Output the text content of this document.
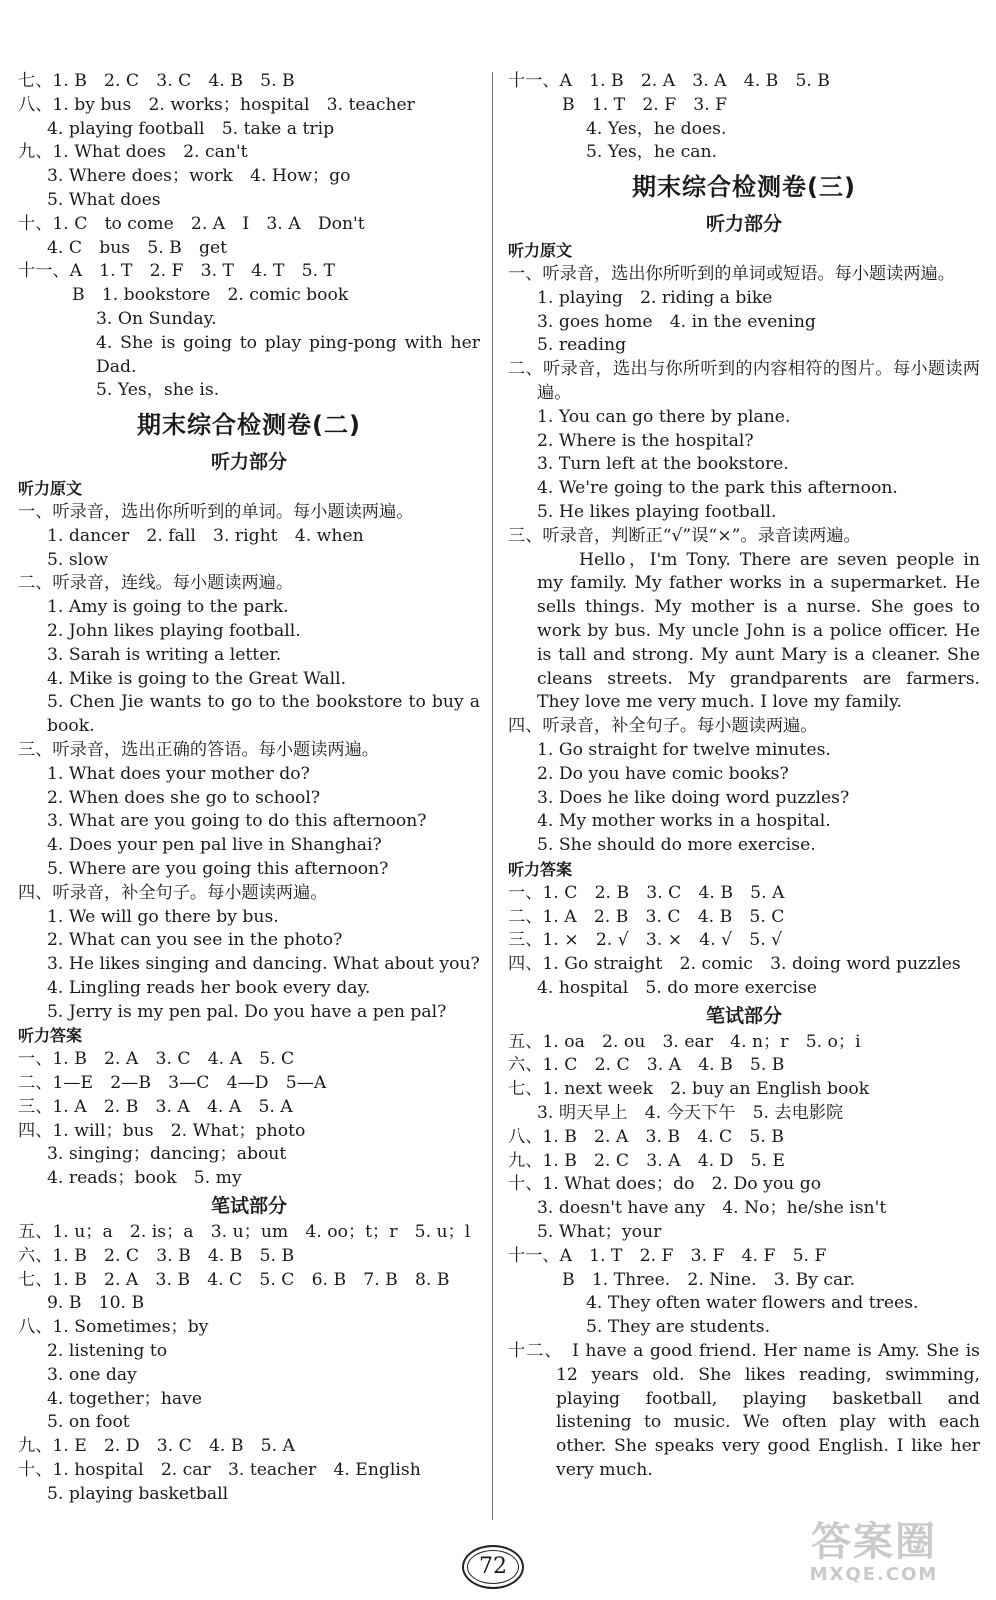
七、1. B　2. C　3. C　4. B　5. B
八、1. by bus　2. works；hospital　3. teacher
4. playing football　5. take a trip
九、1. What does　2. can't
3. Where does；work　4. How；go
5. What does
十、1. C　to come　2. A　I　3. A　Don't
4. C　bus　5. B　get
十一、A　1. T　2. F　3. T　4. T　5. T
B　1. bookstore　2. comic book
3. On Sunday.
4. She is going to play ping-pong with her Dad.
5. Yes，she is.
期末综合检测卷(二)
听力部分
听力原文
一、听录音，选出你所听到的单词。每小题读两遍。
1. dancer　2. fall　3. right　4. when
5. slow
二、听录音，连线。每小题读两遍。
1. Amy is going to the park.
2. John likes playing football.
3. Sarah is writing a letter.
4. Mike is going to the Great Wall.
5. Chen Jie wants to go to the bookstore to buy a book.
三、听录音，选出正确的答语。每小题读两遍。
1. What does your mother do?
2. When does she go to school?
3. What are you going to do this afternoon?
4. Does your pen pal live in Shanghai?
5. Where are you going this afternoon?
四、听录音，补全句子。每小题读两遍。
1. We will go there by bus.
2. What can you see in the photo?
3. He likes singing and dancing. What about you?
4. Lingling reads her book every day.
5. Jerry is my pen pal. Do you have a pen pal?
听力答案
一、1. B　2. A　3. C　4. A　5. C
二、1—E　2—B　3—C　4—D　5—A
三、1. A　2. B　3. A　4. A　5. A
四、1. will；bus　2. What；photo
3. singing；dancing；about
4. reads；book　5. my
笔试部分
五、1. u；a　2. is；a　3. u；um　4. oo；t；r　5. u；l
六、1. B　2. C　3. B　4. B　5. B
七、1. B　2. A　3. B　4. C　5. C　6. B　7. B　8. B
9. B　10. B
八、1. Sometimes；by
2. listening to
3. one day
4. together；have
5. on foot
九、1. E　2. D　3. C　4. B　5. A
十、1. hospital　2. car　3. teacher　4. English
5. playing basketball
十一、A　1. B　2. A　3. A　4. B　5. B
B　1. T　2. F　3. F
4. Yes，he does.
5. Yes，he can.
期末综合检测卷(三)
听力部分
听力原文
一、听录音，选出你所听到的单词或短语。每小题读两遍。
1. playing　2. riding a bike
3. goes home　4. in the evening
5. reading
二、听录音，选出与你所听到的内容相符的图片。每小题读两遍。
1. You can go there by plane.
2. Where is the hospital?
3. Turn left at the bookstore.
4. We're going to the park this afternoon.
5. He likes playing football.
三、听录音，判断正“√”误“×”。录音读两遍。
Hello，I'm Tony. There are seven people in my family. My father works in a supermarket. He sells things. My mother is a nurse. She goes to work by bus. My uncle John is a police officer. He is tall and strong. My aunt Mary is a cleaner. She cleans streets. My grandparents are farmers. They love me very much. I love my family.
四、听录音，补全句子。每小题读两遍。
1. Go straight for twelve minutes.
2. Do you have comic books?
3. Does he like doing word puzzles?
4. My mother works in a hospital.
5. She should do more exercise.
听力答案
一、1. C　2. B　3. C　4. B　5. A
二、1. A　2. B　3. C　4. B　5. C
三、1. ×　2. √　3. ×　4. √　5. √
四、1. Go straight　2. comic　3. doing word puzzles
4. hospital　5. do more exercise
笔试部分
五、1. oa　2. ou　3. ear　4. n；r　5. o；i
六、1. C　2. C　3. A　4. B　5. B
七、1. next week　2. buy an English book
3. 明天早上　4. 今天下午　5. 去电影院
八、1. B　2. A　3. B　4. C　5. B
九、1. B　2. C　3. A　4. D　5. E
十、1. What does；do　2. Do you go
3. doesn't have any　4. No；he/she isn't
5. What；your
十一、A　1. T　2. F　3. F　4. F　5. F
B　1. Three.　2. Nine.　3. By car.
4. They often water flowers and trees.
5. They are students.
十二、　I have a good friend. Her name is Amy. She is 12 years old. She likes reading, swimming, playing football, playing basketball and listening to music. We often play with each other. She speaks very good English. I like her very much.
72
答案圈
MXQE.COM
